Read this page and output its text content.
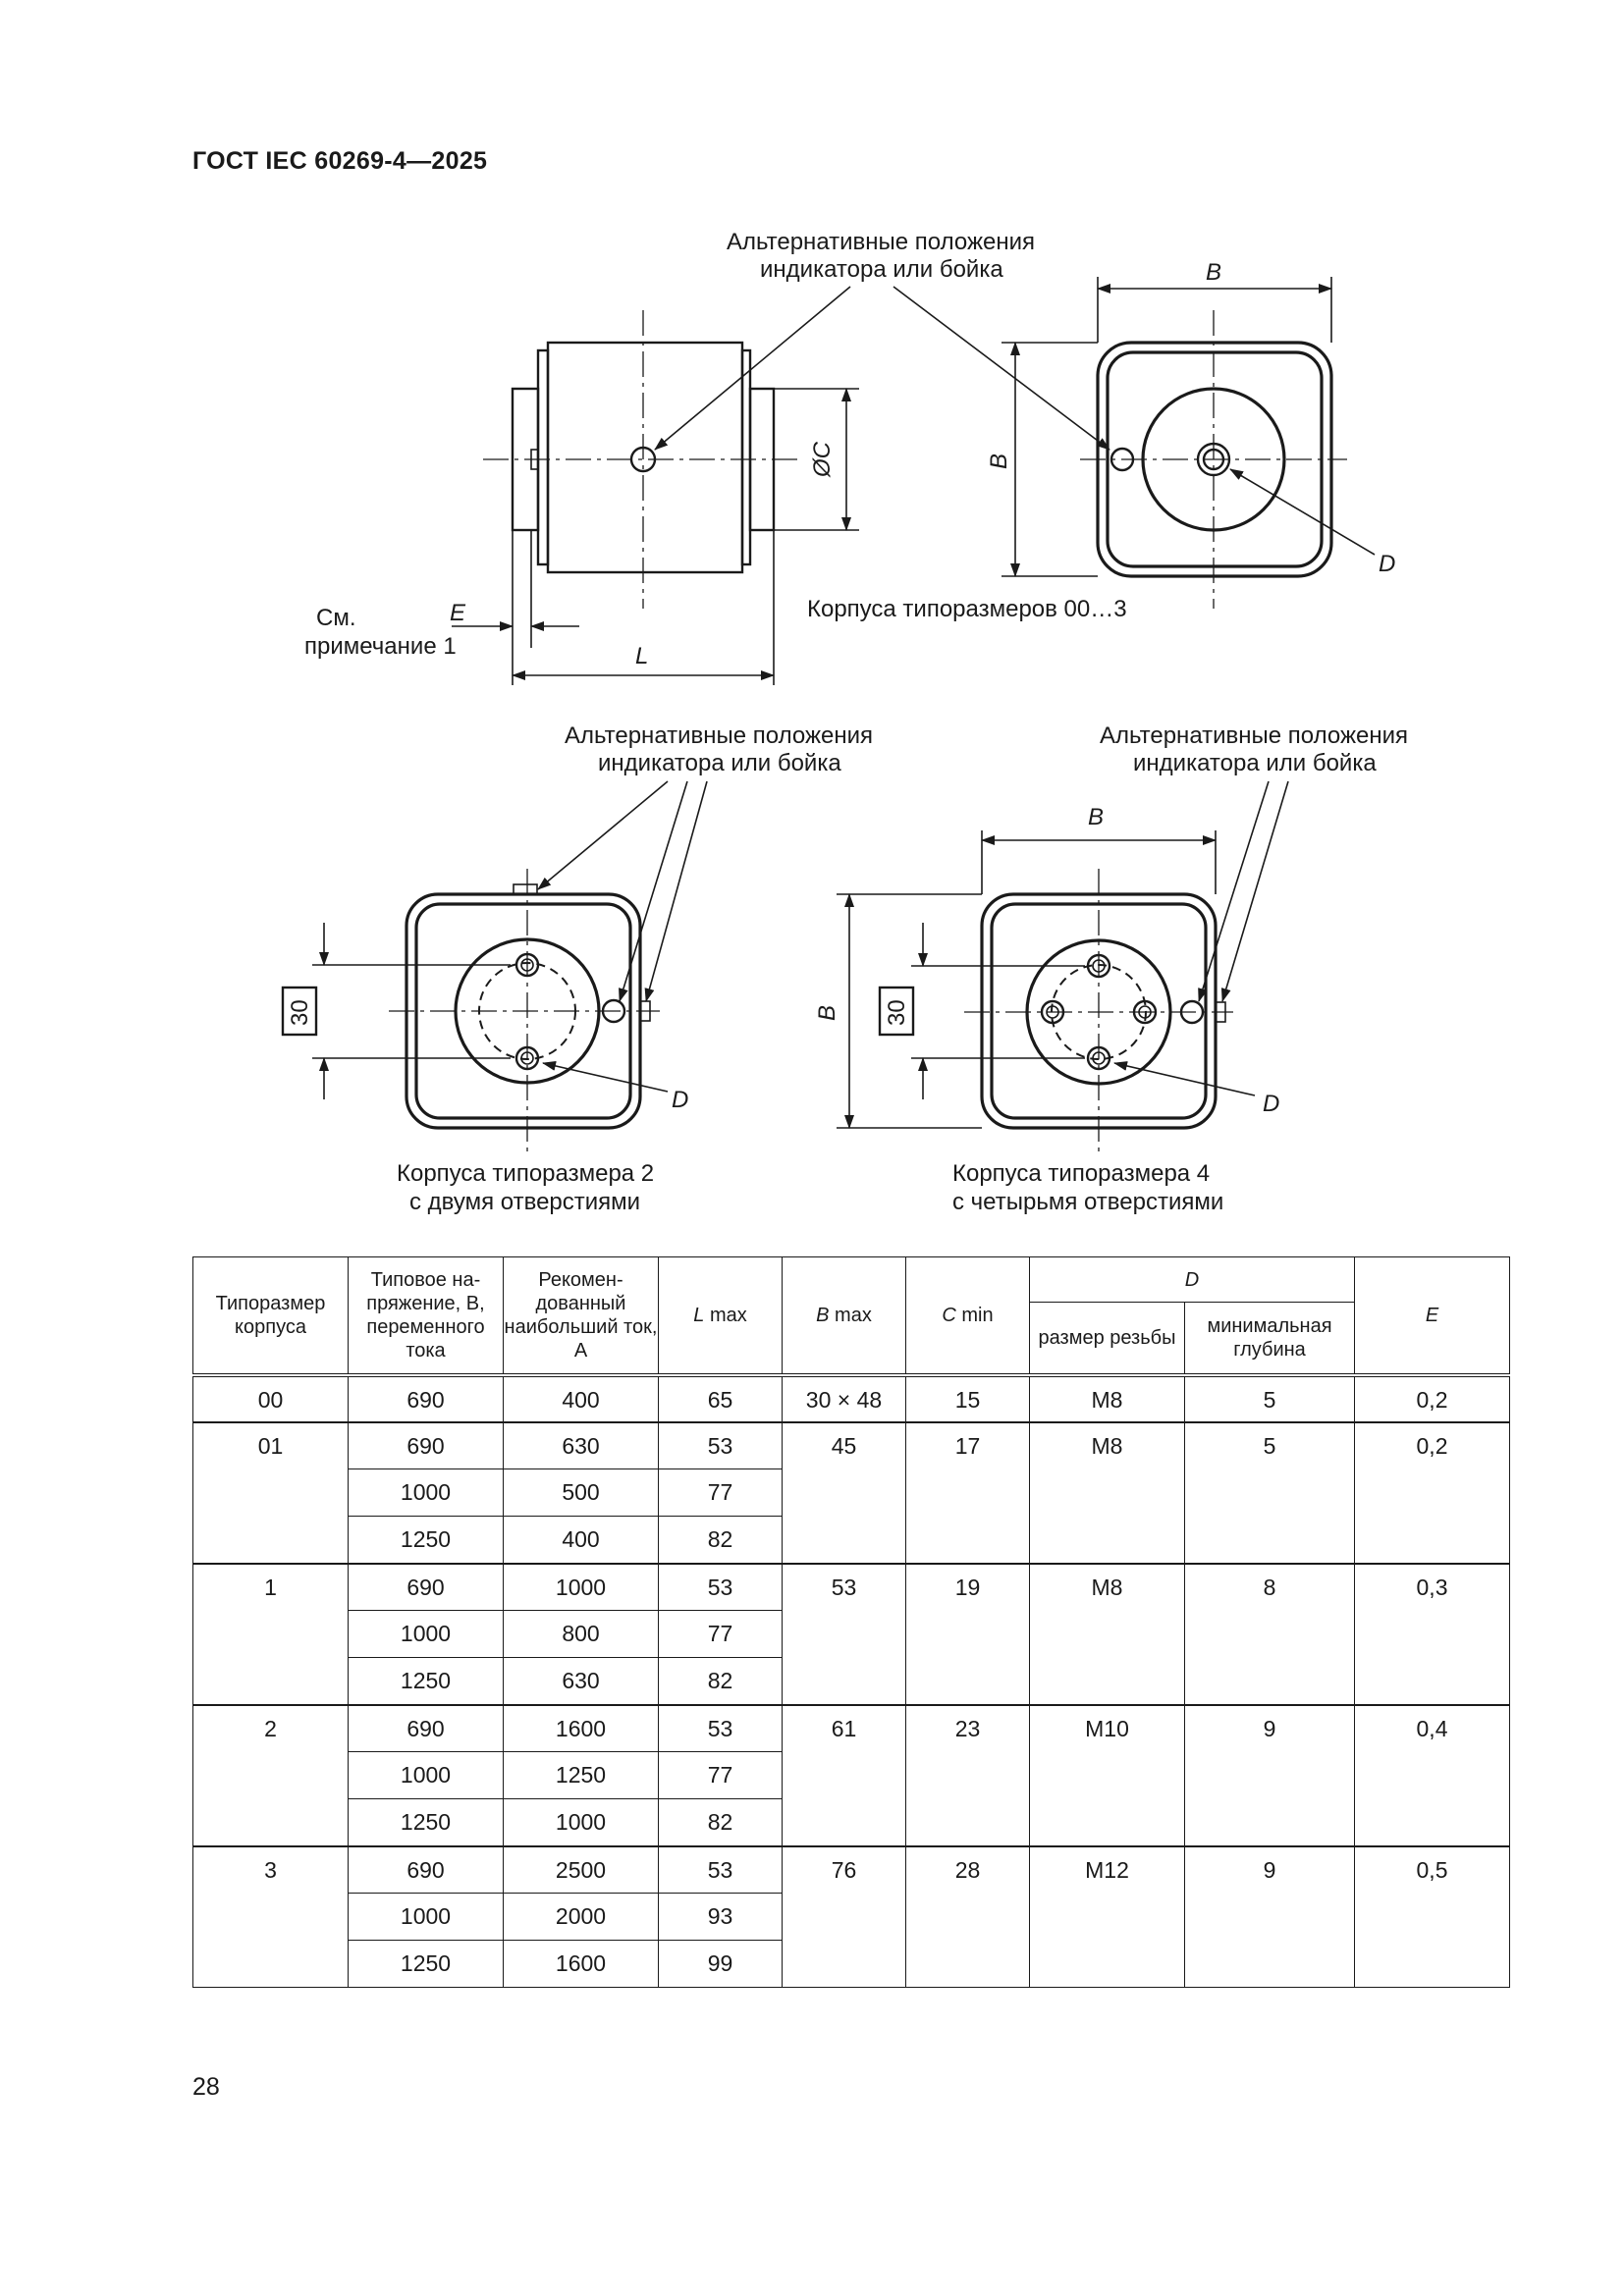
ГОСТ IEC 60269-4—2025
ØC
L
E
См.
примечание 1
Альтернативные положения
индикатора или бойка	B
B
D
Корпуса типоразмеров 00…3
Альтернативные положения
индикатора или бойка
30
D
Корпуса типоразмера 2
с двумя отверстиями
Альтернативные положения
индикатора или бойка
B
B 30
D
Корпуса типоразмера 4
с четырьмя отверстиями
Типоразмер корпуса	Типовое на-пряжение, В, переменного тока	Рекомен-дованный наибольший ток, А	L max	B max	C min	D		E
						размер резьбы	минимальная глубина	
00	690	400	65	30 × 48	15	M8	5	0,2
01	690	630	53	45	17	M8	5	0,2
	1000	500	77					
	1250	400	82					
1	690	1000	53	53	19	M8	8	0,3
	1000	800	77					
	1250	630	82					
2	690	1600	53	61	23	M10	9	0,4
	1000	1250	77					
	1250	1000	82					
3	690	2500	53	76	28	M12	9	0,5
	1000	2000	93					
	1250	1600	99					
28
